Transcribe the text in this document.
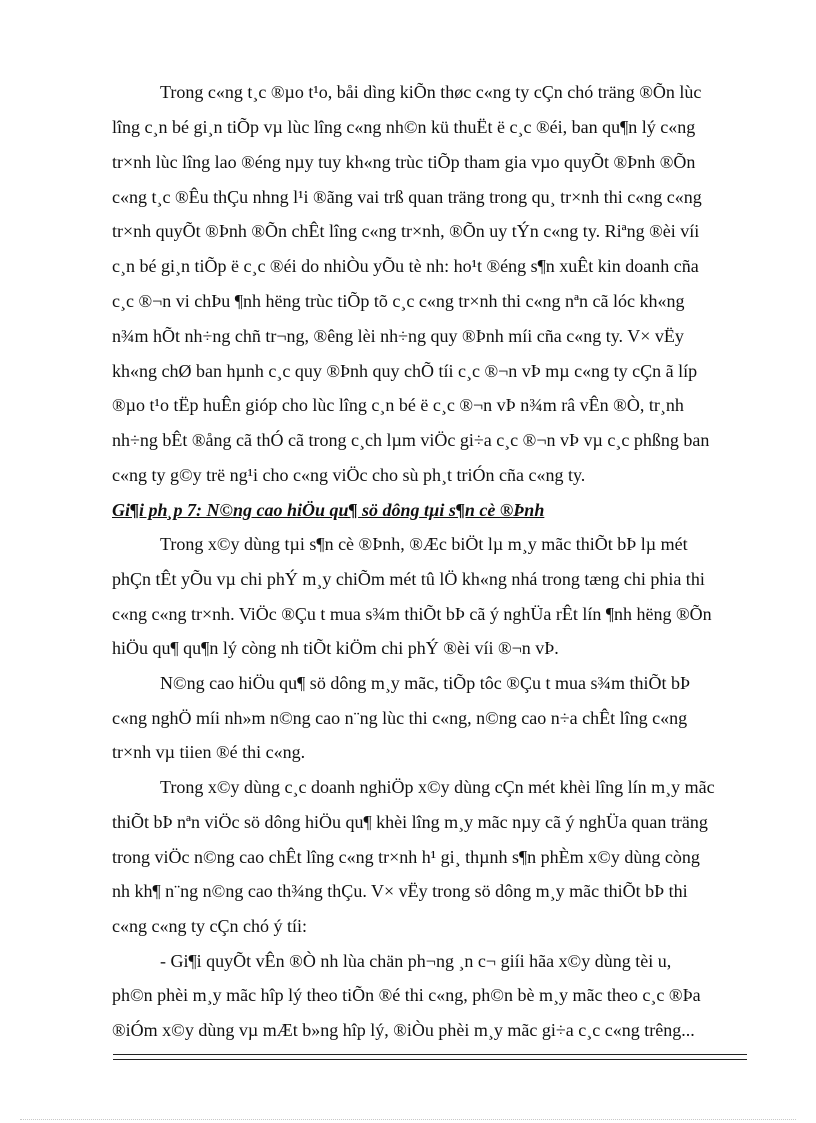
Trong c«ng t¸c ®µo t¹o, båi dìng kiÕn thøc c«ng ty cÇn chó träng ®Õn lùc
lîng c¸n bé gi¸n tiÕp vµ lùc lîng c«ng nh©n kü thuËt ë c¸c ®éi, ban qu¶n lý c«ng
tr×nh lùc lîng lao ®éng nµy tuy kh«ng trùc tiÕp tham gia vµo quyÕt ®Þnh ®Õn
c«ng t¸c ®Êu thÇu nhng l¹i ®ãng vai trß quan träng trong qu¸ tr×nh thi c«ng c«ng
tr×nh quyÕt ®Þnh ®Õn chÊt lîng c«ng tr×nh, ®Õn uy tÝn c«ng ty. Riªng ®èi víi
c¸n bé gi¸n tiÕp ë c¸c ®éi do nhiÒu yÕu tè nh: ho¹t ®éng s¶n xuÊt kin doanh cña
c¸c ®¬n vi chÞu ¶nh hëng trùc tiÕp tõ c¸c c«ng tr×nh thi c«ng nªn cã lóc kh«ng
n¾m hÕt nh÷ng chñ tr¬ng, ®êng lèi nh÷ng quy ®Þnh míi cña c«ng ty. V× vËy
kh«ng chØ ban hµnh c¸c quy ®Þnh quy chÕ tíi c¸c ®¬n vÞ mµ c«ng ty cÇn ã líp
®µo t¹o tËp huÊn gióp cho lùc lîng c¸n bé ë c¸c ®¬n vÞ n¾m râ vÊn ®Ò, tr¸nh
nh÷ng bÊt ®ång cã thÓ cã trong c¸ch lµm viÖc gi÷a c¸c ®¬n vÞ vµ c¸c phßng ban
c«ng ty g©y trë ng¹i cho c«ng viÖc cho sù ph¸t triÓn cña c«ng ty.
Gi¶i ph¸p 7: N©ng cao hiÖu qu¶ sö dông tµi s¶n cè ®Þnh
Trong x©y dùng tµi s¶n cè ®Þnh, ®Æc biÖt lµ m¸y mãc thiÕt bÞ lµ mét
phÇn tÊt yÕu vµ chi phÝ m¸y chiÕm mét tû lÖ kh«ng nhá trong tæng chi phia thi
c«ng c«ng tr×nh. ViÖc ®Çu t mua s¾m thiÕt bÞ cã ý nghÜa rÊt lín ¶nh hëng ®Õn
hiÖu qu¶ qu¶n lý còng nh tiÕt kiÖm chi phÝ ®èi víi ®¬n vÞ.
N©ng cao hiÖu qu¶ sö dông m¸y mãc, tiÕp tôc ®Çu t mua s¾m thiÕt bÞ
c«ng nghÖ míi nh»m n©ng cao n¨ng lùc thi c«ng, n©ng cao n÷a chÊt lîng c«ng
tr×nh vµ tiien ®é thi c«ng.
Trong x©y dùng c¸c doanh nghiÖp x©y dùng cÇn mét khèi lîng lín m¸y mãc
thiÕt bÞ nªn viÖc sö dông hiÖu qu¶ khèi lîng m¸y mãc nµy cã ý nghÜa quan träng
trong viÖc n©ng cao chÊt lîng c«ng tr×nh h¹ gi¸ thµnh s¶n phÈm x©y dùng còng
nh kh¶ n¨ng n©ng cao th¾ng thÇu. V× vËy trong sö dông m¸y mãc thiÕt bÞ thi
c«ng c«ng ty cÇn chó ý tíi:
- Gi¶i quyÕt vÊn ®Ò nh lùa chän ph¬ng ¸n c¬ giíi hãa x©y dùng tèi u,
ph©n phèi m¸y mãc hîp lý theo tiÕn ®é thi c«ng, ph©n bè m¸y mãc theo c¸c ®Þa
®iÓm x©y dùng vµ mÆt b»ng hîp lý, ®iÒu phèi m¸y mãc gi÷a c¸c c«ng trêng...
